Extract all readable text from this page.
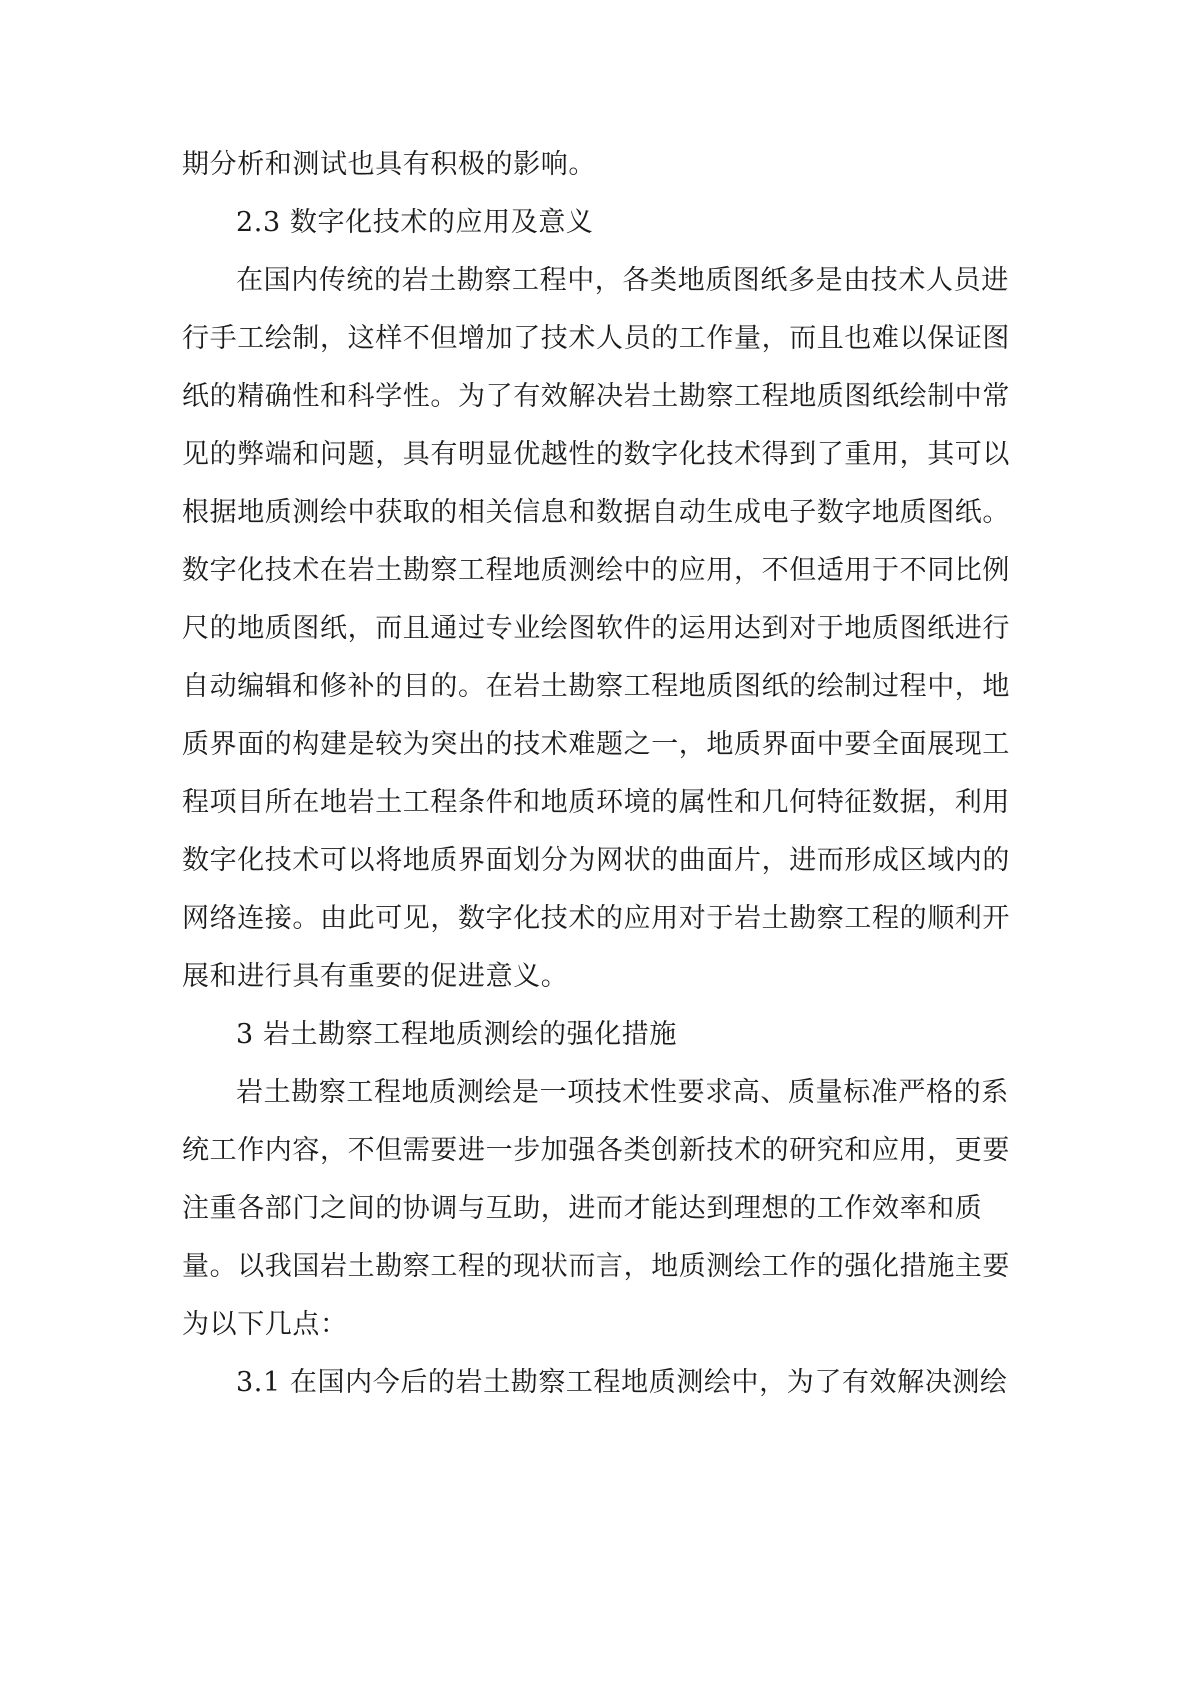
期分析和测试也具有积极的影响。
2.3 数字化技术的应用及意义
在国内传统的岩土勘察工程中，各类地质图纸多是由技术人员进
行手工绘制，这样不但增加了技术人员的工作量，而且也难以保证图
纸的精确性和科学性。为了有效解决岩土勘察工程地质图纸绘制中常
见的弊端和问题，具有明显优越性的数字化技术得到了重用，其可以
根据地质测绘中获取的相关信息和数据自动生成电子数字地质图纸。
数字化技术在岩土勘察工程地质测绘中的应用，不但适用于不同比例
尺的地质图纸，而且通过专业绘图软件的运用达到对于地质图纸进行
自动编辑和修补的目的。在岩土勘察工程地质图纸的绘制过程中，地
质界面的构建是较为突出的技术难题之一，地质界面中要全面展现工
程项目所在地岩土工程条件和地质环境的属性和几何特征数据，利用
数字化技术可以将地质界面划分为网状的曲面片，进而形成区域内的
网络连接。由此可见，数字化技术的应用对于岩土勘察工程的顺利开
展和进行具有重要的促进意义。
3 岩土勘察工程地质测绘的强化措施
岩土勘察工程地质测绘是一项技术性要求高、质量标准严格的系
统工作内容，不但需要进一步加强各类创新技术的研究和应用，更要
注重各部门之间的协调与互助，进而才能达到理想的工作效率和质
量。以我国岩土勘察工程的现状而言，地质测绘工作的强化措施主要
为以下几点：
3.1 在国内今后的岩土勘察工程地质测绘中，为了有效解决测绘
